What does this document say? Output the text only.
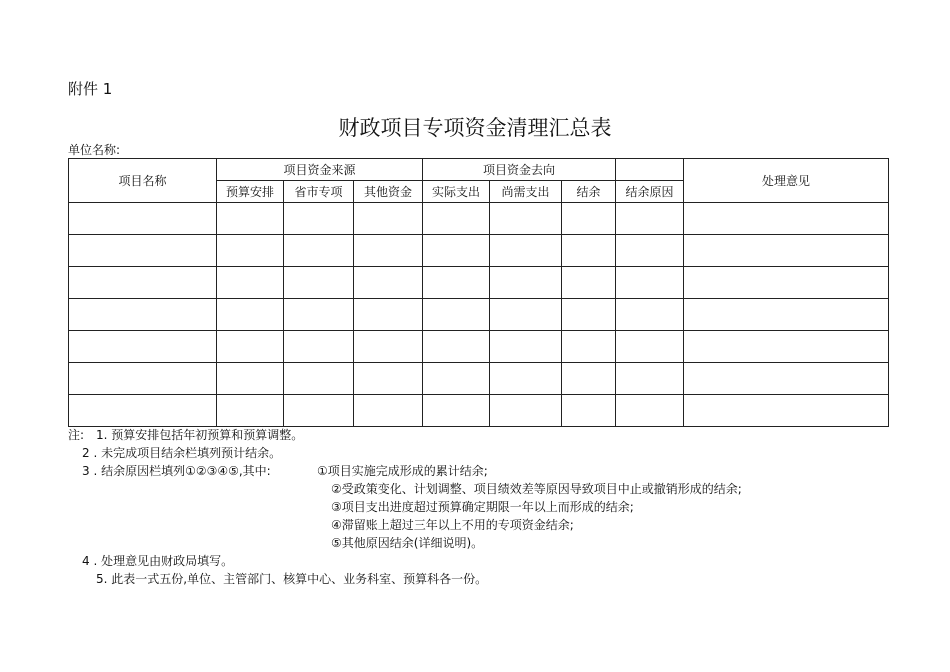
附件 1
财政项目专项资金清理汇总表
单位名称:
项目名称	项目资金来源			项目资金去向				处理意见
	预算安排	省市专项	其他资金	实际支出	尚需支出	结余	结余原因	

注: 1. 预算安排包括年初预算和预算调整。
2 . 未完成项目结余栏填列预计结余。
3 . 结余原因栏填列①②③④⑤,其中:	①项目实施完成形成的累计结余;
②受政策变化、计划调整、项目绩效差等原因导致项目中止或撤销形成的结余;
③项目支出进度超过预算确定期限一年以上而形成的结余;
④滞留账上超过三年以上不用的专项资金结余;
⑤其他原因结余(详细说明)。
4 . 处理意见由财政局填写。
5. 此表一式五份,单位、主管部门、核算中心、业务科室、预算科各一份。
